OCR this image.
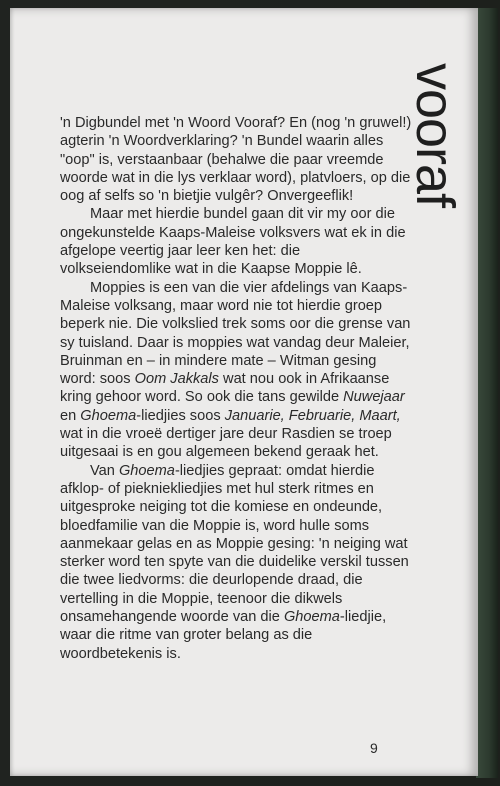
vooraf

'n Digbundel met 'n Woord Vooraf? En (nog 'n gruwel!) agterin 'n Woordverklaring? 'n Bundel waarin alles "oop" is, verstaanbaar (behalwe die paar vreemde woorde wat in die lys verklaar word), platvloers, op die oog af selfs so 'n bietjie vulgêr? Onvergeeflik!

Maar met hierdie bundel gaan dit vir my oor die ongekunstelde Kaaps-Maleise volksvers wat ek in die afgelope veertig jaar leer ken het: die volkseiendomlike wat in die Kaapse Moppie lê.

Moppies is een van die vier afdelings van Kaaps-Maleise volksang, maar word nie tot hierdie groep beperk nie. Die volkslied trek soms oor die grense van sy tuisland. Daar is moppies wat vandag deur Maleier, Bruinman en – in mindere mate – Witman gesing word: soos Oom Jakkals wat nou ook in Afrikaanse kring gehoor word. So ook die tans gewilde Nuwejaar en Ghoema-liedjies soos Januarie, Februarie, Maart, wat in die vroeë dertiger jare deur Rasdien se troep uitgesaai is en gou algemeen bekend geraak het.

Van Ghoema-liedjies gepraat: omdat hierdie afklop- of piekniekliedjies met hul sterk ritmes en uitgesproke neiging tot die komiese en ondeunde, bloedfamilie van die Moppie is, word hulle soms aanmekaar gelas en as Moppie gesing: 'n neiging wat sterker word ten spyte van die duidelike verskil tussen die twee liedvorms: die deurlopende draad, die vertelling in die Moppie, teenoor die dikwels onsamehangende woorde van die Ghoema-liedjie, waar die ritme van groter belang as die woordbetekenis is.

9
